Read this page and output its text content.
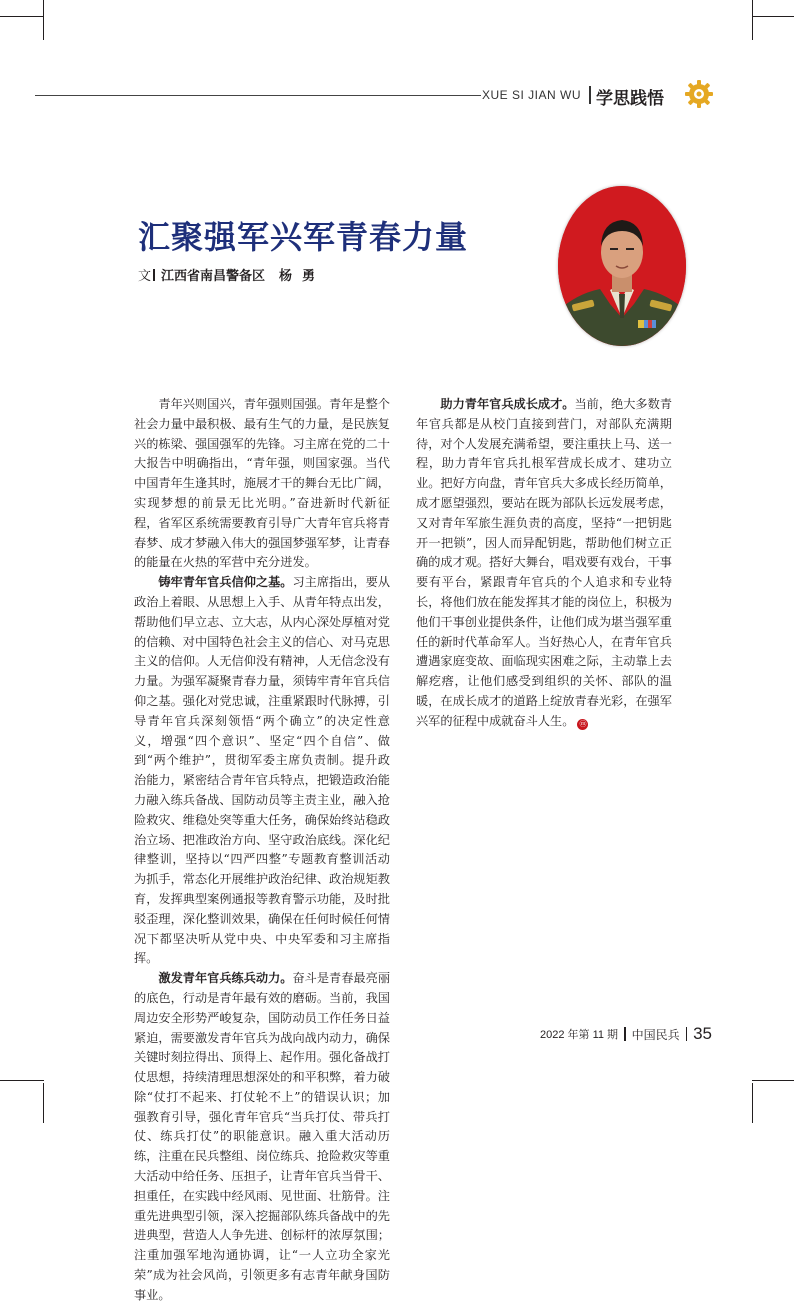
XUE SI JIAN WU 学思践悟
汇聚强军兴军青春力量
文 江西省南昌警备区 杨勇

青年兴则国兴，青年强则国强。青年是整个社会力量中最积极、最有生气的力量，是民族复兴的栋梁、强国强军的先锋。习主席在党的二十大报告中明确指出，“青年强，则国家强。当代中国青年生逢其时，施展才干的舞台无比广阔，实现梦想的前景无比光明。”奋进新时代新征程，省军区系统需要教育引导广大青年官兵将青春梦、成才梦融入伟大的强国梦强军梦，让青春的能量在火热的军营中充分迸发。

铸牢青年官兵信仰之基。习主席指出，要从政治上着眼、从思想上入手、从青年特点出发，帮助他们早立志、立大志，从内心深处厚植对党的信赖、对中国特色社会主义的信心、对马克思主义的信仰。人无信仰没有精神，人无信念没有力量。为强军凝聚青春力量，须铸牢青年官兵信仰之基。强化对党忠诚，注重紧跟时代脉搏，引导青年官兵深刻领悟“两个确立”的决定性意义，增强“四个意识”、坚定“四个自信”、做到“两个维护”，贯彻军委主席负责制。提升政治能力，紧密结合青年官兵特点，把锻造政治能力融入练兵备战、国防动员等主责主业，融入抢险救灾、维稳处突等重大任务，确保始终站稳政治立场、把准政治方向、坚守政治底线。深化纪律整训，坚持以“四严四整”专题教育整训活动为抓手，常态化开展维护政治纪律、政治规矩教育，发挥典型案例通报等教育警示功能，及时批驳歪理，深化整训效果，确保在任何时候任何情况下都坚决听从党中央、中央军委和习主席指挥。

激发青年官兵练兵动力。奋斗是青春最亮丽的底色，行动是青年最有效的磨砺。当前，我国周边安全形势严峻复杂，国防动员工作任务日益紧迫，需要激发青年官兵为战向战内动力，确保关键时刻拉得出、顶得上、起作用。强化备战打仗思想，持续清理思想深处的和平积弊，着力破除“仗打不起来、打仗轮不上”的错误认识；加强教育引导，强化青年官兵“当兵打仗、带兵打仗、练兵打仗”的职能意识。融入重大活动历练，注重在民兵整组、岗位练兵、抢险救灾等重大活动中给任务、压担子，让青年官兵当骨干、担重任，在实践中经风雨、见世面、壮筋骨。注重先进典型引领，深入挖掘部队练兵备战中的先进典型，营造人人争先进、创标杆的浓厚氛围；注重加强军地沟通协调，让“一人立功全家光荣”成为社会风尚，引领更多有志青年献身国防事业。

助力青年官兵成长成才。当前，绝大多数青年官兵都是从校门直接到营门，对部队充满期待，对个人发展充满希望，要注重扶上马、送一程，助力青年官兵扎根军营成长成才、建功立业。把好方向盘，青年官兵大多成长经历简单，成才愿望强烈，要站在既为部队长远发展考虑，又对青年军旅生涯负责的高度，坚持“一把钥匙开一把锁”，因人而异配钥匙，帮助他们树立正确的成才观。搭好大舞台，唱戏要有戏台，干事要有平台，紧跟青年官兵的个人追求和专业特长，将他们放在能发挥其才能的岗位上，积极为他们干事创业提供条件，让他们成为堪当强军重任的新时代革命军人。当好热心人，在青年官兵遭遇家庭变故、面临现实困难之际，主动靠上去解疙瘩，让他们感受到组织的关怀、部队的温暖，在成长成才的道路上绽放青春光彩，在强军兴军的征程中成就奋斗人生。 ⓜ

2022 年第 11 期 中国民兵 35
